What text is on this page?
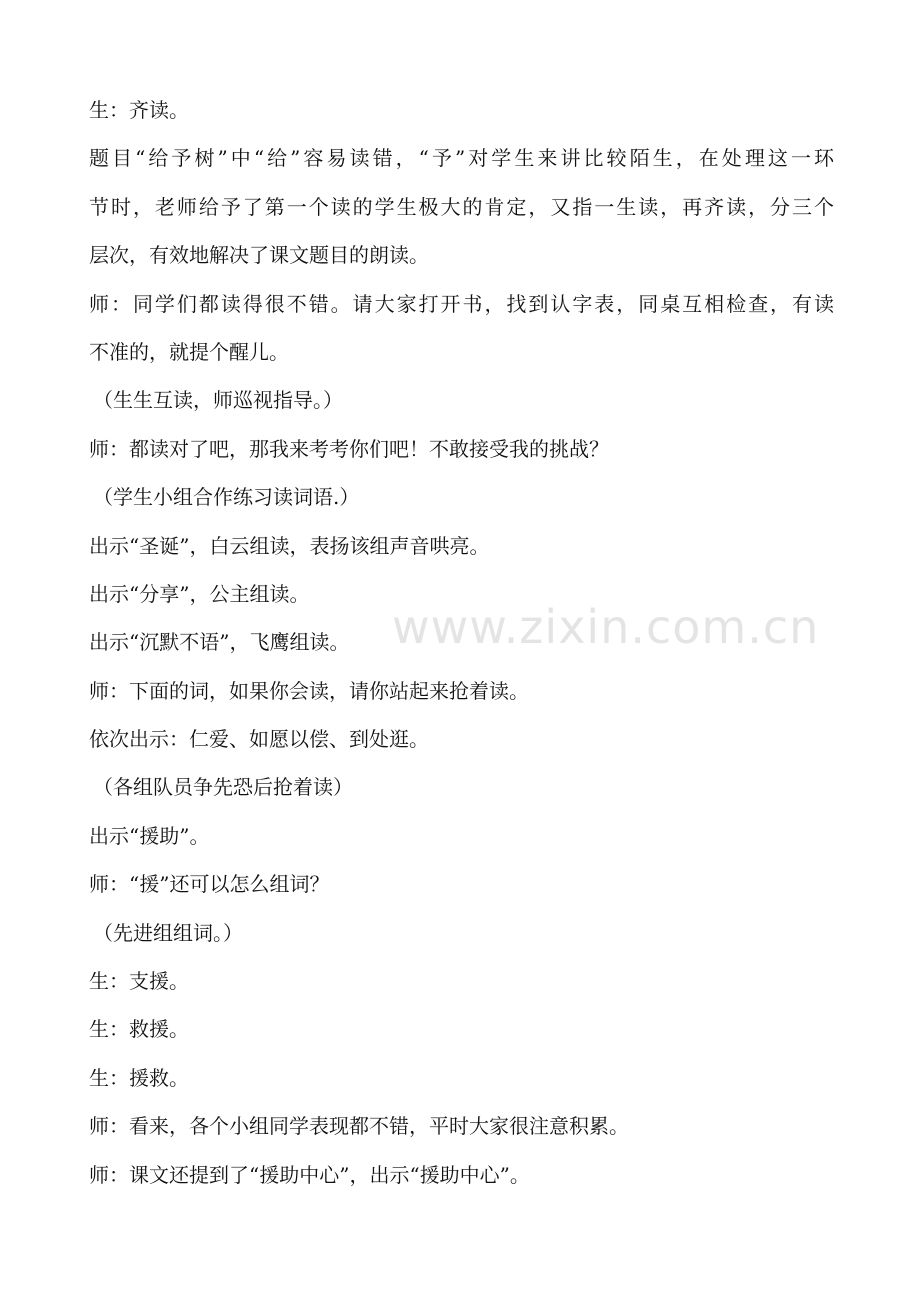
生：齐读。
题目“给予树”中“给”容易读错，“予”对学生来讲比较陌生，在处理这一环
节时，老师给予了第一个读的学生极大的肯定，又指一生读，再齐读，分三个
层次，有效地解决了课文题目的朗读。
师：同学们都读得很不错。请大家打开书，找到认字表，同桌互相检查，有读
不准的，就提个醒儿。
（生生互读，师巡视指导。）
师：都读对了吧，那我来考考你们吧！不敢接受我的挑战？
（学生小组合作练习读词语.）
出示“圣诞”，白云组读，表扬该组声音哄亮。
出示“分享”，公主组读。
出示“沉默不语”，飞鹰组读。
师：下面的词，如果你会读，请你站起来抢着读。
依次出示：仁爱、如愿以偿、到处逛。
（各组队员争先恐后抢着读）
出示“援助”。
师：“援”还可以怎么组词？
（先进组组词。）
生：支援。
生：救援。
生：援救。
师：看来，各个小组同学表现都不错，平时大家很注意积累。
师：课文还提到了“援助中心”，出示“援助中心”。
www.zixin.com.cn
